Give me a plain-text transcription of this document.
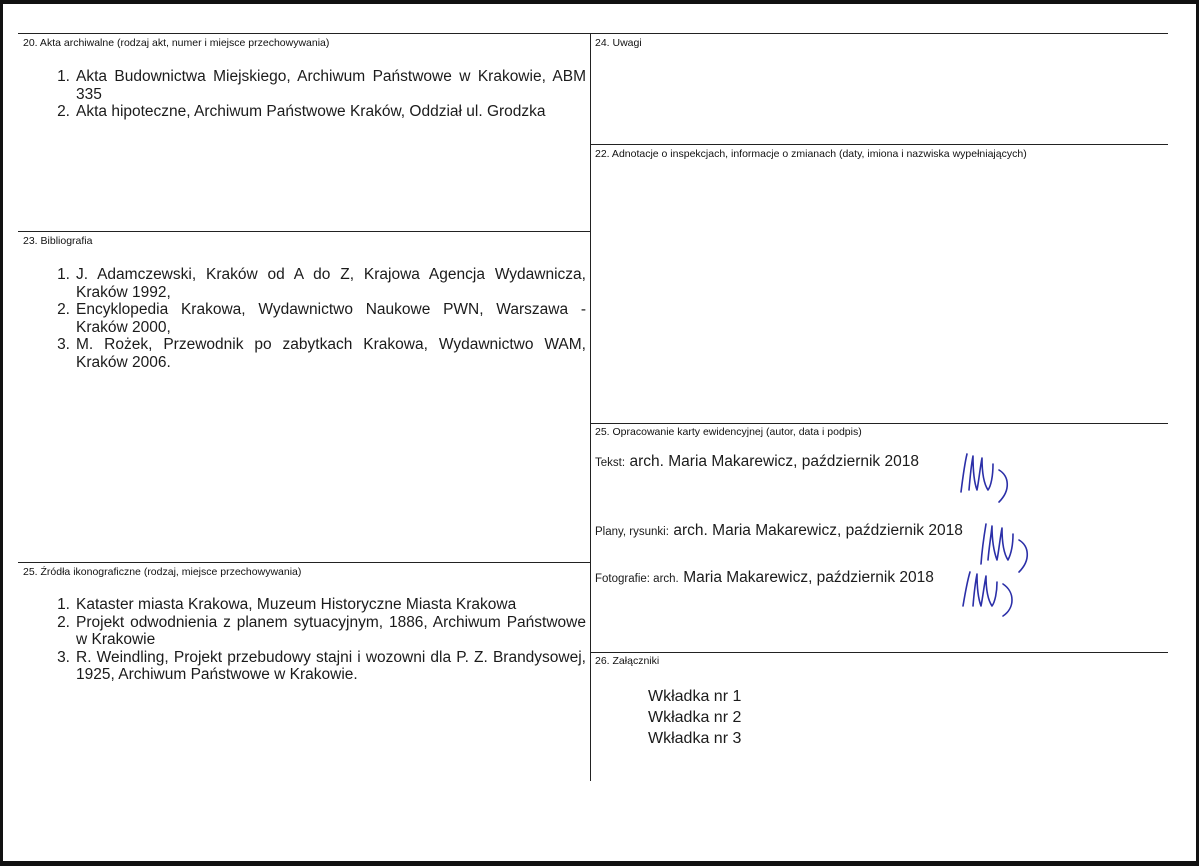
20. Akta archiwalne (rodzaj akt, numer i miejsce przechowywania)
1. Akta Budownictwa Miejskiego, Archiwum Państwowe w Krakowie, ABM 335
2. Akta hipoteczne, Archiwum Państwowe Kraków, Oddział ul. Grodzka
24. Uwagi
22. Adnotacje o inspekcjach, informacje o zmianach (daty, imiona i nazwiska wypełniających)
23. Bibliografia
1. J. Adamczewski, Kraków od A do Z, Krajowa Agencja Wydawnicza, Kraków 1992,
2. Encyklopedia Krakowa, Wydawnictwo Naukowe PWN, Warszawa - Kraków 2000,
3. M. Rożek, Przewodnik po zabytkach Krakowa, Wydawnictwo WAM, Kraków 2006.
25. Opracowanie karty ewidencyjnej (autor, data i podpis)
Tekst: arch. Maria Makarewicz, październik 2018
Plany, rysunki: arch. Maria Makarewicz, październik 2018
Fotografie: arch. Maria Makarewicz, październik 2018
25. Źródła ikonograficzne (rodzaj, miejsce przechowywania)
1. Kataster miasta Krakowa, Muzeum Historyczne Miasta Krakowa
2. Projekt odwodnienia z planem sytuacyjnym, 1886, Archiwum Państwowe w Krakowie
3. R. Weindling, Projekt przebudowy stajni i wozowni dla P. Z. Brandysowej, 1925, Archiwum Państwowe w Krakowie.
26. Załączniki
Wkładka nr 1
Wkładka nr 2
Wkładka nr 3
